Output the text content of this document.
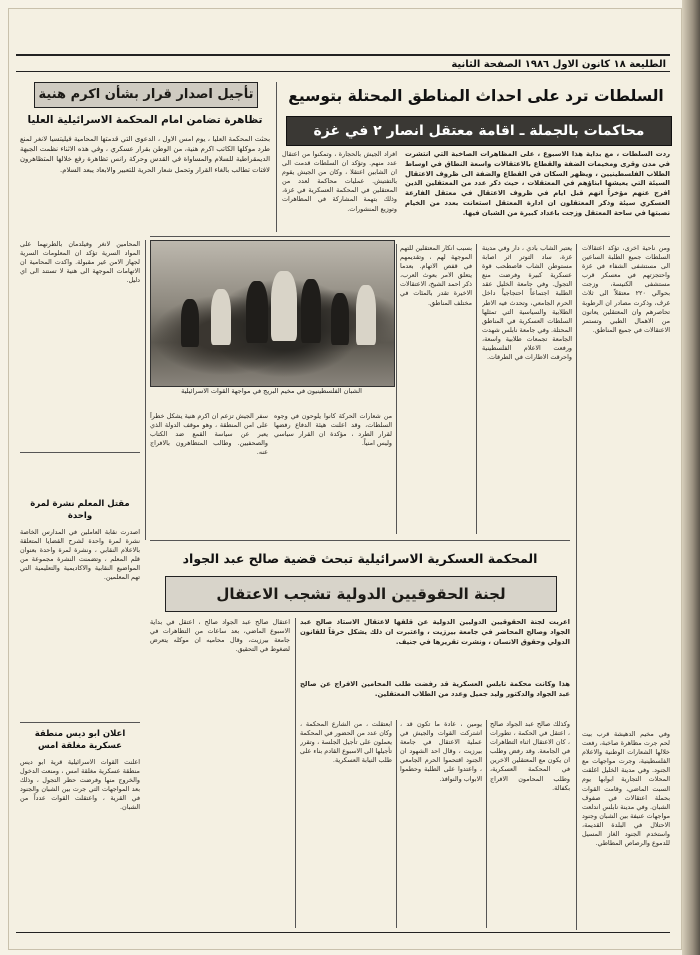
الطليعة ١٨ كانون الاول ١٩٨٦ الصفحة الثانية
تأجيل اصدار قرار بشأن اكرم هنية
تظاهرة تضامن امام المحكمة الاسرائيلية العليا
بحثت المحكمة العليا ، يوم امس الاول ، الدعوى التي قدمتها المحامية فيليتسيا لانغر لمنع طرد موكلها الكاتب اكرم هنية، من الوطن بقرار عسكري ، وفي هذه الاثناء نظمت الجبهة الديمقراطية للسلام والمساواة في القدس وحركة رانس تظاهرة رفع خلالها المتظاهرون لافتات تطالب بالغاء القرار وتحمل شعار الحرية للتعبير والابعاد يبعد السلام.
السلطات ترد على احداث المناطق المحتلة بتوسيع
محاكمات بالجملة ـ اقامة معتقل انصار ٢ في غزة
ردت السلطات ، مع بداية هذا الاسبوع ، على المظاهرات الصاخبة التي انتشرت في مدن وقرى ومخيمات الضفة والقطاع بالاعتقالات واسعة النطاق في اوساط الطلاب الفلسطينيين ، ويظهر السكان في القطاع والضفة الى ظروف الاعتقال السيئة التي يعيشها ابناؤهم في المعتقلات ، حيث ذكر عدد من المعتقلين الذين افرج عنهم مؤخراً انهم قبل ايام في ظروف الاعتقال في معتقل الفارعة العسكري سيئة وذكر المعتقلون ان ادارة المعتقل استعانت بعدد من الخيام نصبتها في ساحة المعتقل وزجت باعداد كبيرة من الشبان فيها.
افراد الجيش بالحجارة ، وتمكنوا من اعتقال عدد منهم. وتؤكد ان السلطات قدمت الى ان الشابين اعتقلا ، وكان من الجيش يقوم بالتفتيش. عمليات محاكمة لعدد من المعتقلين في المحكمة العسكرية في غزة، وذلك بتهمة المشاركة في المظاهرات وتوزيع المنشورات.
ومن ناحية اخرى، تؤكد اعتقالات السلطات جميع الطلبة الساعين الى مستشفى الشفاء في غزة واحتجزتهم في معسكر قرب مستشفى الكنيسة، وزجت بحوالي ٢٢٠ معتقلاً الى ثلاث غرف، وذكرت مصادر ان الرطوبة تحاصرهم وان المعتقلين يعانون من الاهمال الطبي وتستمر الاعتقالات في جميع المناطق.
يعتبر الشاب بادي ، دار وفي مدينة غزة، ساد التوتر اثر اصابة مستوطن الشاب فاصطحب قوة عسكرية كبيرة وفرضت منع التجول. وفي جامعة الخليل عقد الطلبة اجتماعاً احتجاجياً داخل الحرم الجامعي، وتحدث فيه الاطر الطلابية والسياسية التي تمثلها السلطات العسكرية في المناطق المحتلة. وفي جامعة نابلس شهدت الجامعة تجمعات طلابية واسعة، ورفعت الاعلام الفلسطينية واحرقت الاطارات في الطرقات.
بسبب انكار المعتقلين للتهم الموجهة لهم ، وتقديمهم في قفص الاتهام. بعدما يتعلق الامر بعوث العرب، ذكر احمد الشيخ، الاعتقالات الاخيرة تقدر بالمئات في مختلف المناطق.
الشبان الفلسطينيون في مخيم البريج في مواجهة القوات الاسرائيلية
المحامين لانغر وفيلدمان بالطرنهما على المواد السرية تؤكد ان المعلومات السرية لجهاز الامن غير مقبولة. واكدت المحامية ان الاتهامات الموجهة الى هنية لا تستند الى اي دليل.
سفر الجيش تزعم ان اكرم هنية يشكل خطراً على امن المنطقة ، وهو موقف الدولة الذي يعبر عن سياسة القمع ضد الكتاب والصحفيين. وطالب المتظاهرون بالافراج عنه.
من شعارات الحركة كانوا يلوحون في وجوه السلطات، وقد اعلنت هيئة الدفاع رفضها لقرار الطرد ، مؤكدة ان القرار سياسي وليس امنياً.
مقتل المعلم نشرة لمرة واحدة
اصدرت نقابة العاملين في المدارس الخاصة نشرة لمرة واحدة لشرح القضايا المتعلقة بالاعلام النقابي ، ونشرة لمرة واحدة بعنوان قلم المعلم ، وتضمنت النشرة مجموعة من المواضيع النقابية والاكاديمية والتعليمية التي تهم المعلمين.
اعلان ابو ديس منطقة عسكرية مغلقة امس
اعلنت القوات الاسرائيلية قرية ابو ديس منطقة عسكرية مغلقة امس ، ومنعت الدخول والخروج منها وفرضت حظر التجول ، وذلك بعد المواجهات التي جرت بين الشبان والجنود في القرية ، واعتقلت القوات عدداً من الشبان.
المحكمة العسكرية الاسرائيلية تبحث قضية صالح عبد الجواد
لجنة الحقوقيين الدولية تشجب الاعتقال
اعربت لجنة الحقوقيين الدوليين الدولية عن قلقها لاعتقال الاستاذ صالح عبد الجواد وصالح المحاضر في جامعة بيرزيت ، واعتبرت ان ذلك يشكل خرقاً للقانون الدولي وحقوق الانسان ، ونشرت تقريرها في جنيف.
هذا وكانت محكمة نابلس العسكرية قد رفضت طلب المحامين الافراج عن صالح عبد الجواد والدكتور وليد جميل وعدد من الطلاب المعتقلين.
اعتقال صالح عبد الجواد صالح ، اعتقل في بداية الاسبوع الماضي، بعد ساعات من التظاهرات في جامعة بيرزيت، وقال محاميه ان موكله يتعرض لضغوط في التحقيق.
وكذلك صالح عبد الجواد صالح ، اعتقل في الحكمة ، تطورات ، كان الاعتقال اثناء التظاهرات في الجامعة. وقد رفض وطلب ان يكون مع المعتقلين الاخرين في المحكمة العسكرية، وطلب المحامون الافراج بكفالة.
يومين ، عادة ما تكون قد ، اشتركت القوات والجيش في عملية الاعتقال في جامعة بيرزيت ، وقال احد الشهود ان الجنود اقتحموا الحرم الجامعي ، واعتدوا على الطلبة وحطموا الابواب والنوافذ.
ابعتقلت ، من الشارع المحكمة ، وكان عدد من الحضور في المحكمة يعملون على تأجيل الجلسة ، وتقرر تأجيلها الى الاسبوع القادم بناء على طلب النيابة العسكرية.
وفي مخيم الدهيشة قرب بيت لحم جرت مظاهرة صاخبة، رفعت خلالها الشعارات الوطنية والاعلام الفلسطينية، وجرت مواجهات مع الجنود. وفي مدينة الخليل اغلقت المحلات التجارية ابوابها يوم السبت الماضي، وقامت القوات بحملة اعتقالات في صفوف الشبان. وفي مدينة نابلس اندلعت مواجهات عنيفة بين الشبان وجنود الاحتلال في البلدة القديمة، واستخدم الجنود الغاز المسيل للدموع والرصاص المطاطي.
